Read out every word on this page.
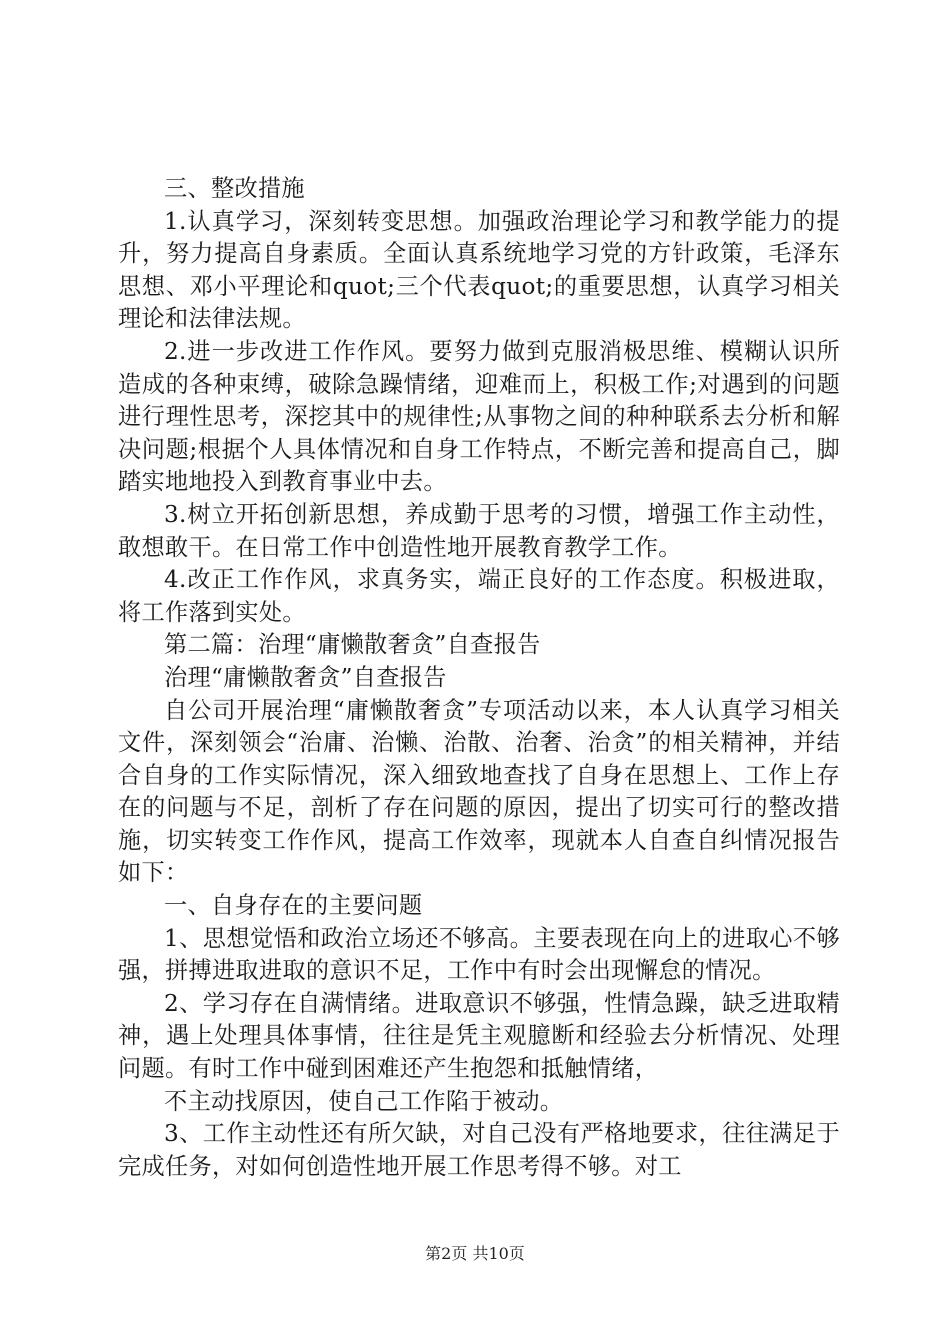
三、整改措施

1.认真学习，深刻转变思想。加强政治理论学习和教学能力的提升，努力提高自身素质。全面认真系统地学习党的方针政策，毛泽东思想、邓小平理论和quot;三个代表quot;的重要思想，认真学习相关理论和法律法规。

2.进一步改进工作作风。要努力做到克服消极思维、模糊认识所造成的各种束缚，破除急躁情绪，迎难而上，积极工作;对遇到的问题进行理性思考，深挖其中的规律性;从事物之间的种种联系去分析和解决问题;根据个人具体情况和自身工作特点，不断完善和提高自己，脚踏实地地投入到教育事业中去。

3.树立开拓创新思想，养成勤于思考的习惯，增强工作主动性，敢想敢干。在日常工作中创造性地开展教育教学工作。

4.改正工作作风，求真务实，端正良好的工作态度。积极进取，将工作落到实处。

第二篇：治理“庸懒散奢贪”自查报告

治理“庸懒散奢贪”自查报告

自公司开展治理“庸懒散奢贪”专项活动以来，本人认真学习相关文件，深刻领会“治庸、治懒、治散、治奢、治贪”的相关精神，并结合自身的工作实际情况，深入细致地查找了自身在思想上、工作上存在的问题与不足，剖析了存在问题的原因，提出了切实可行的整改措施，切实转变工作作风，提高工作效率，现就本人自查自纠情况报告如下：

一、自身存在的主要问题

1、思想觉悟和政治立场还不够高。主要表现在向上的进取心不够强，拼搏进取进取的意识不足，工作中有时会出现懈怠的情况。

2、学习存在自满情绪。进取意识不够强，性情急躁，缺乏进取精神，遇上处理具体事情，往往是凭主观臆断和经验去分析情况、处理问题。有时工作中碰到困难还产生抱怨和抵触情绪，

不主动找原因，使自己工作陷于被动。

3、工作主动性还有所欠缺，对自己没有严格地要求，往往满足于完成任务，对如何创造性地开展工作思考得不够。对工

第2页 共10页
